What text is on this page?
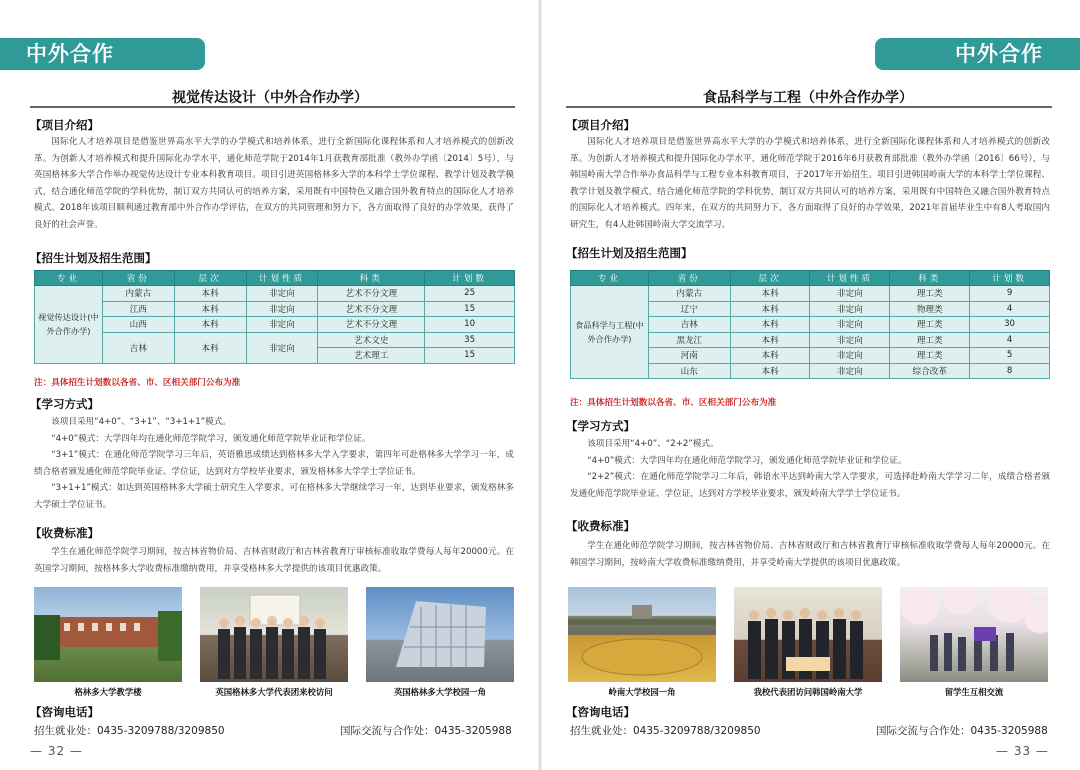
中外合作
视觉传达设计（中外合作办学）
【项目介绍】

国际化人才培养项目是借鉴世界高水平大学的办学模式和培养体系，进行全新国际化课程体系和人才培养模式的创新改革。为创新人才培养模式和提升国际化办学水平，通化师范学院于2014年1月获教育部批准（教外办学函〔2014〕5号），与英国格林多大学合作举办视觉传达设计专业本科教育项目。项目引进英国格林多大学的本科学士学位课程、教学计划及教学模式，结合通化师范学院的学科优势，制订双方共同认可的培养方案，采用既有中国特色又融合国外教育特点的国际化人才培养模式。2018年该项目顺利通过教育部中外合作办学评估，在双方的共同管理和努力下，各方面取得了良好的办学效果，获得了良好的社会声誉。

【招生计划及招生范围】
专业	省份	层次	计划性质	科类	计划数
视觉传达设计(中外合作办学)	内蒙古	本科	非定向	艺术不分文理	25
	江西	本科	非定向	艺术不分文理	15
	山西	本科	非定向	艺术不分文理	10
	吉林	本科	非定向	艺术文史	35
				艺术理工	15
注：具体招生计划数以各省、市、区相关部门公布为准
【学习方式】

该项目采用“4+0”、“3+1”、“3+1+1”模式。

“4+0”模式：大学四年均在通化师范学院学习，颁发通化师范学院毕业证和学位证。

“3+1”模式：在通化师范学院学习三年后，英语雅思成绩达到格林多大学入学要求，第四年可赴格林多大学学习一年，成绩合格者颁发通化师范学院毕业证、学位证，达到对方学校毕业要求，颁发格林多大学学士学位证书。

“3+1+1”模式：如达到英国格林多大学硕士研究生入学要求，可在格林多大学继续学习一年，达到毕业要求，颁发格林多大学硕士学位证书。

【收费标准】

学生在通化师范学院学习期间，按吉林省物价局、吉林省财政厅和吉林省教育厅审核标准收取学费每人每年20000元。在英国学习期间，按格林多大学收费标准缴纳费用，并享受格林多大学提供的该项目优惠政策。

格林多大学教学楼	英国格林多大学代表团来校访问	英国格林多大学校园一角
【咨询电话】
招生就业处：0435-3209788/3209850	国际交流与合作处：0435-3205988
— 32 —
中外合作
食品科学与工程（中外合作办学）
【项目介绍】

国际化人才培养项目是借鉴世界高水平大学的办学模式和培养体系，进行全新国际化课程体系和人才培养模式的创新改革。为创新人才培养模式和提升国际化办学水平，通化师范学院于2016年6月获教育部批准（教外办学函〔2016〕66号），与韩国岭南大学合作举办食品科学与工程专业本科教育项目，于2017年开始招生。项目引进韩国岭南大学的本科学士学位课程、教学计划及教学模式，结合通化师范学院的学科优势，制订双方共同认可的培养方案，采用既有中国特色又融合国外教育特点的国际化人才培养模式。四年来，在双方的共同努力下，各方面取得了良好的办学效果，2021年首届毕业生中有8人考取国内研究生，有4人赴韩国岭南大学交流学习。

【招生计划及招生范围】
专业	省份	层次	计划性质	科类	计划数
食品科学与工程(中外合作办学)	内蒙古	本科	非定向	理工类	9
	辽宁	本科	非定向	物理类	4
	吉林	本科	非定向	理工类	30
	黑龙江	本科	非定向	理工类	4
	河南	本科	非定向	理工类	5
	山东	本科	非定向	综合改革	8
注：具体招生计划数以各省、市、区相关部门公布为准
【学习方式】

该项目采用“4+0”、“2+2”模式。

“4+0”模式：大学四年均在通化师范学院学习，颁发通化师范学院毕业证和学位证。

“2+2”模式：在通化师范学院学习二年后，韩语水平达到岭南大学入学要求，可选择赴岭南大学学习二年，成绩合格者颁发通化师范学院毕业证、学位证，达到对方学校毕业要求，颁发岭南大学学士学位证书。

【收费标准】

学生在通化师范学院学习期间，按吉林省物价局、吉林省财政厅和吉林省教育厅审核标准收取学费每人每年20000元。在韩国学习期间，按岭南大学收费标准缴纳费用，并享受岭南大学提供的该项目优惠政策。

岭南大学校园一角	我校代表团访问韩国岭南大学	留学生互相交流
【咨询电话】
招生就业处：0435-3209788/3209850	国际交流与合作处：0435-3205988
— 33 —
